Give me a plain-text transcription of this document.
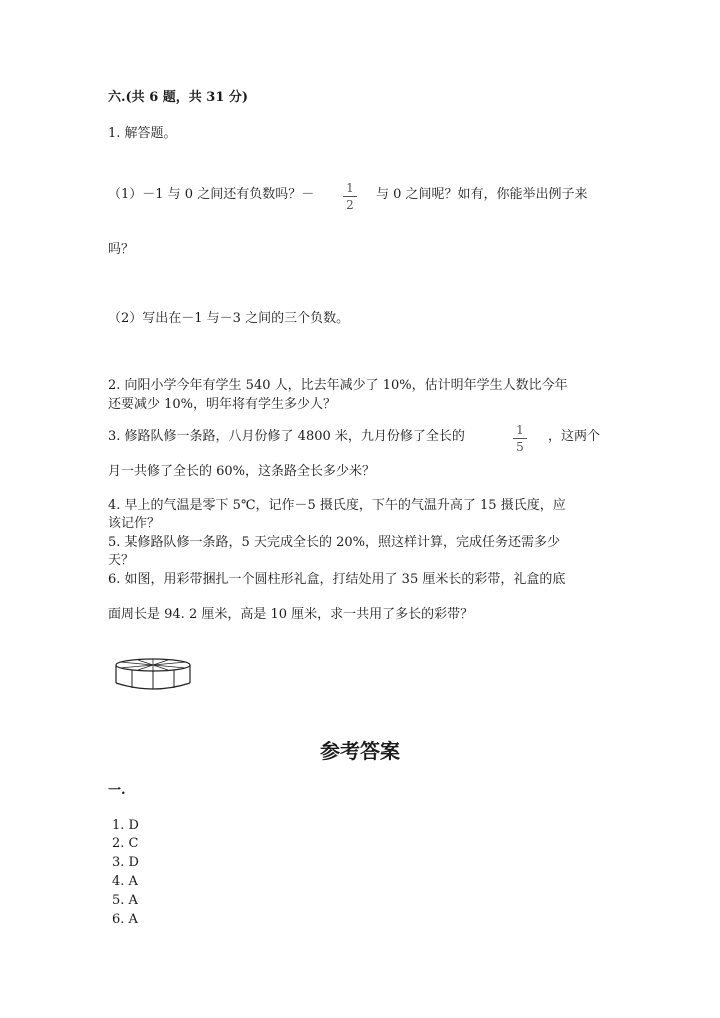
六.(共 6 题，共 31 分)
1. 解答题。
（1）－1 与 0 之间还有负数吗？－	1
2
与 0 之间呢？如有，你能举出例子来
吗？
（2）写出在－1 与－3 之间的三个负数。
2. 向阳小学今年有学生 540 人，比去年减少了 10%，估计明年学生人数比今年
还要减少 10%，明年将有学生多少人？
3. 修路队修一条路，八月份修了 4800 米，九月份修了全长的	1
5
，这两个
月一共修了全长的 60%，这条路全长多少米？
4. 早上的气温是零下 5℃，记作－5 摄氏度，下午的气温升高了 15 摄氏度，应
该记作？
5. 某修路队修一条路，5 天完成全长的 20%，照这样计算，完成任务还需多少
天？
6. 如图，用彩带捆扎一个圆柱形礼盒，打结处用了 35 厘米长的彩带，礼盒的底
面周长是 94. 2 厘米，高是 10 厘米，求一共用了多长的彩带？
参考答案
一.
1. D
2. C
3. D
4. A
5. A
6. A
